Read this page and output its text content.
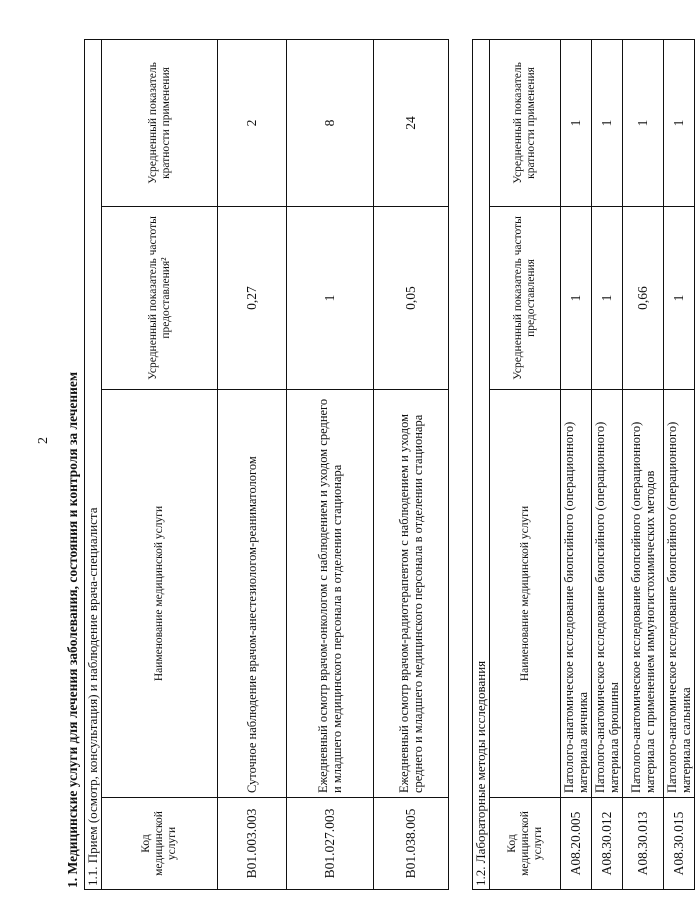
2 1. Медицинские услуги для лечения заболевания, состояния и контроля за лечением 1.1. Прием (осмотр, консультация) и наблюдение врача-специалиста			
Код медицинской услуги	Наименование медицинской услуги	Усредненный показатель частоты предоставления²	Усредненный показатель кратности применения
B01.003.003	Суточное наблюдение врачом-анестезиологом-реаниматологом	0,27	2
B01.027.003	Ежедневный осмотр врачом-онкологом с наблюдением и уходом среднего и младшего медицинского персонала в отделении стационара	1	8
B01.038.005	Ежедневный осмотр врачом-радиотерапевтом с наблюдением и уходом среднего и младшего медицинского персонала в отделении стационара	0,05	24
1.2. Лабораторные методы исследования			
Код медицинской услуги	Наименование медицинской услуги	Усредненный показатель частоты предоставления	Усредненный показатель кратности применения
A08.20.005	Патолого-анатомическое исследование биопсийного (операционного) материала яичника	1	1
A08.30.012	Патолого-анатомическое исследование биопсийного (операционного) материала брюшины	1	1
A08.30.013	Патолого-анатомическое исследование биопсийного (операционного) материала с применением иммуногистохимических методов	0,66	1
A08.30.015	Патолого-анатомическое исследование биопсийного (операционного) материала сальника	1	1
